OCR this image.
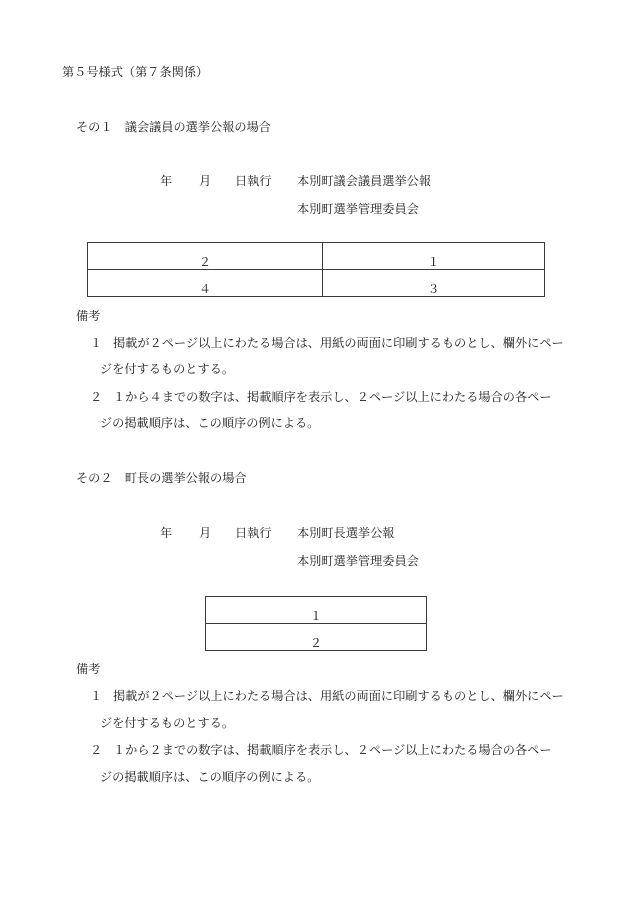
第５号様式（第７条関係）
その１　議会議員の選挙公報の場合
年 月 日執行 本別町議会議員選挙公報
本別町選挙管理委員会
２	１

４	３
備考
１ 掲載が２ページ以上にわたる場合は、用紙の両面に印刷するものとし、欄外にペー
ジを付するものとする。
２ １から４までの数字は、掲載順序を表示し、２ページ以上にわたる場合の各ペー
ジの掲載順序は、この順序の例による。
その２　町長の選挙公報の場合
年 月 日執行 本別町長選挙公報
本別町選挙管理委員会
１

２
備考
１ 掲載が２ページ以上にわたる場合は、用紙の両面に印刷するものとし、欄外にペー
ジを付するものとする。
２ １から２までの数字は、掲載順序を表示し、２ページ以上にわたる場合の各ペー
ジの掲載順序は、この順序の例による。
